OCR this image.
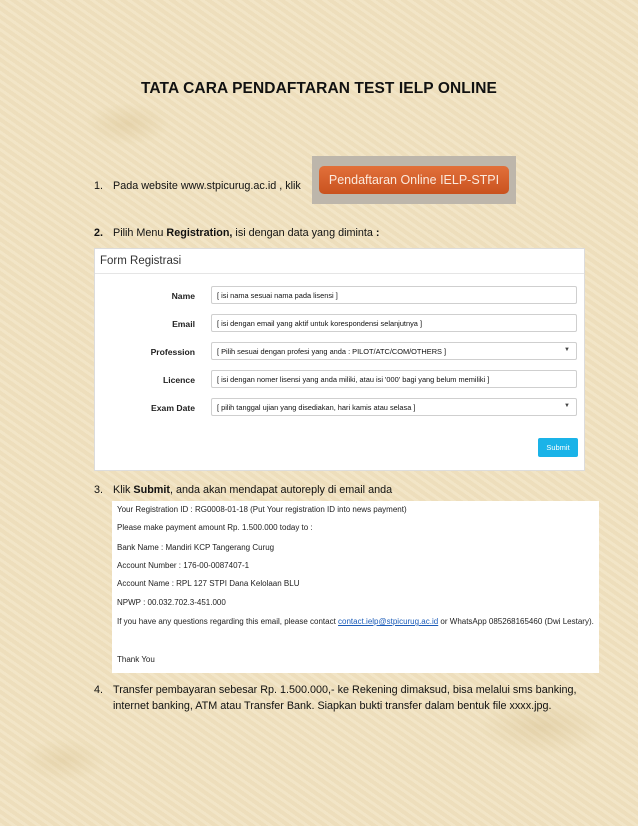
TATA CARA PENDAFTARAN TEST IELP ONLINE
1. Pada website www.stpicurug.ac.id , klik	Pendaftaran Online IELP-STPI
2. Pilih Menu Registration, isi dengan data yang diminta :
Form Registrasi
Name	[ isi nama sesuai nama pada lisensi ]
Email	[ isi dengan email yang aktif untuk korespondensi selanjutnya ]
Profession	[ Pilih sesuai dengan profesi yang anda : PILOT/ATC/COM/OTHERS ]	▼
Licence	[ isi dengan nomer lisensi yang anda miliki, atau isi '000' bagi yang belum memiliki ]
Exam Date	[ pilih tanggal ujian yang disediakan, hari kamis atau selasa ]	▼
Submit
3. Klik Submit, anda akan mendapat autoreply di email anda
Your Registration ID : RG0008-01-18 (Put Your registration ID into news payment)
Please make payment amount Rp. 1.500.000 today to :
Bank Name : Mandiri KCP Tangerang Curug
Account Number : 176-00-0087407-1
Account Name : RPL 127 STPI Dana Kelolaan BLU
NPWP : 00.032.702.3-451.000
If you have any questions regarding this email, please contact contact.ielp@stpicurug.ac.id or WhatsApp 085268165460 (Dwi Lestary).
Thank You
4. Transfer pembayaran sebesar Rp. 1.500.000,- ke Rekening dimaksud, bisa melalui sms banking, internet banking, ATM atau Transfer Bank. Siapkan bukti transfer dalam bentuk file xxxx.jpg.
